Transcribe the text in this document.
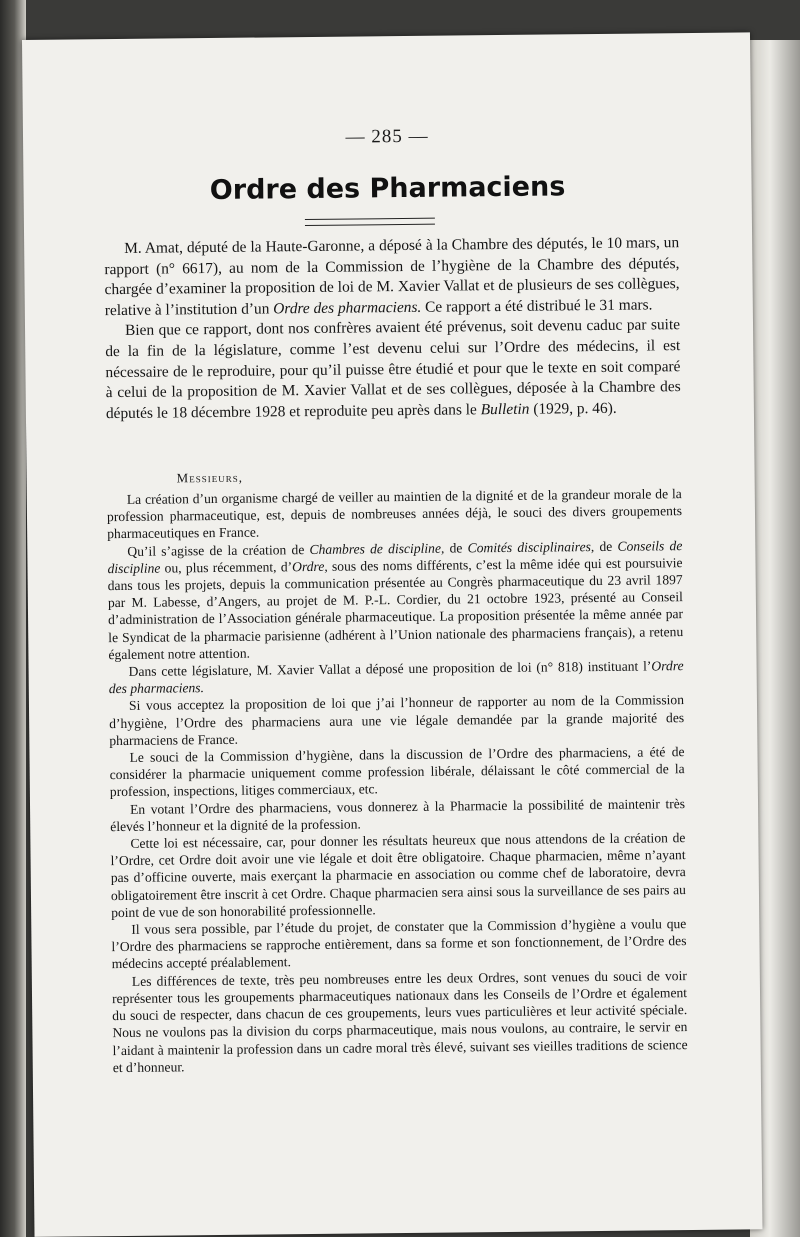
— 285 —
Ordre des Pharmaciens

M. Amat, député de la Haute-Garonne, a déposé à la Chambre des députés, le 10 mars, un rapport (n° 6617), au nom de la Commission de l’hygiène de la Chambre des députés, chargée d’examiner la proposition de loi de M. Xavier Vallat et de plusieurs de ses collègues, relative à l’institution d’un Ordre des pharmaciens. Ce rapport a été distribué le 31 mars.

Bien que ce rapport, dont nos confrères avaient été prévenus, soit devenu caduc par suite de la fin de la législature, comme l’est devenu celui sur l’Ordre des médecins, il est nécessaire de le reproduire, pour qu’il puisse être étudié et pour que le texte en soit comparé à celui de la proposition de M. Xavier Vallat et de ses collègues, déposée à la Chambre des députés le 18 décembre 1928 et reproduite peu après dans le Bulletin (1929, p. 46).

Messieurs,

La création d’un organisme chargé de veiller au maintien de la dignité et de la grandeur morale de la profession pharmaceutique, est, depuis de nombreuses années déjà, le souci des divers groupements pharmaceutiques en France.

Qu’il s’agisse de la création de Chambres de discipline, de Comités disciplinaires, de Conseils de discipline ou, plus récemment, d’Ordre, sous des noms différents, c’est la même idée qui est poursuivie dans tous les projets, depuis la communication présentée au Congrès pharmaceutique du 23 avril 1897 par M. Labesse, d’Angers, au projet de M. P.-L. Cordier, du 21 octobre 1923, présenté au Conseil d’administration de l’Association générale pharmaceutique. La proposition présentée la même année par le Syndicat de la pharmacie parisienne (adhérent à l’Union nationale des pharmaciens français), a retenu également notre attention.

Dans cette législature, M. Xavier Vallat a déposé une proposition de loi (n° 818) instituant l’Ordre des pharmaciens.

Si vous acceptez la proposition de loi que j’ai l’honneur de rapporter au nom de la Commission d’hygiène, l’Ordre des pharmaciens aura une vie légale demandée par la grande majorité des pharmaciens de France.

Le souci de la Commission d’hygiène, dans la discussion de l’Ordre des pharmaciens, a été de considérer la pharmacie uniquement comme profession libérale, délaissant le côté commercial de la profession, inspections, litiges commerciaux, etc.

En votant l’Ordre des pharmaciens, vous donnerez à la Pharmacie la possibilité de maintenir très élevés l’honneur et la dignité de la profession.

Cette loi est nécessaire, car, pour donner les résultats heureux que nous attendons de la création de l’Ordre, cet Ordre doit avoir une vie légale et doit être obligatoire. Chaque pharmacien, même n’ayant pas d’officine ouverte, mais exerçant la pharmacie en association ou comme chef de laboratoire, devra obligatoirement être inscrit à cet Ordre. Chaque pharmacien sera ainsi sous la surveillance de ses pairs au point de vue de son honorabilité professionnelle.

Il vous sera possible, par l’étude du projet, de constater que la Commission d’hygiène a voulu que l’Ordre des pharmaciens se rapproche entièrement, dans sa forme et son fonctionnement, de l’Ordre des médecins accepté préalablement.

Les différences de texte, très peu nombreuses entre les deux Ordres, sont venues du souci de voir représenter tous les groupements pharmaceutiques nationaux dans les Conseils de l’Ordre et également du souci de respecter, dans chacun de ces groupements, leurs vues particulières et leur activité spéciale. Nous ne voulons pas la division du corps pharmaceutique, mais nous voulons, au contraire, le servir en l’aidant à maintenir la profession dans un cadre moral très élevé, suivant ses vieilles traditions de science et d’honneur.
